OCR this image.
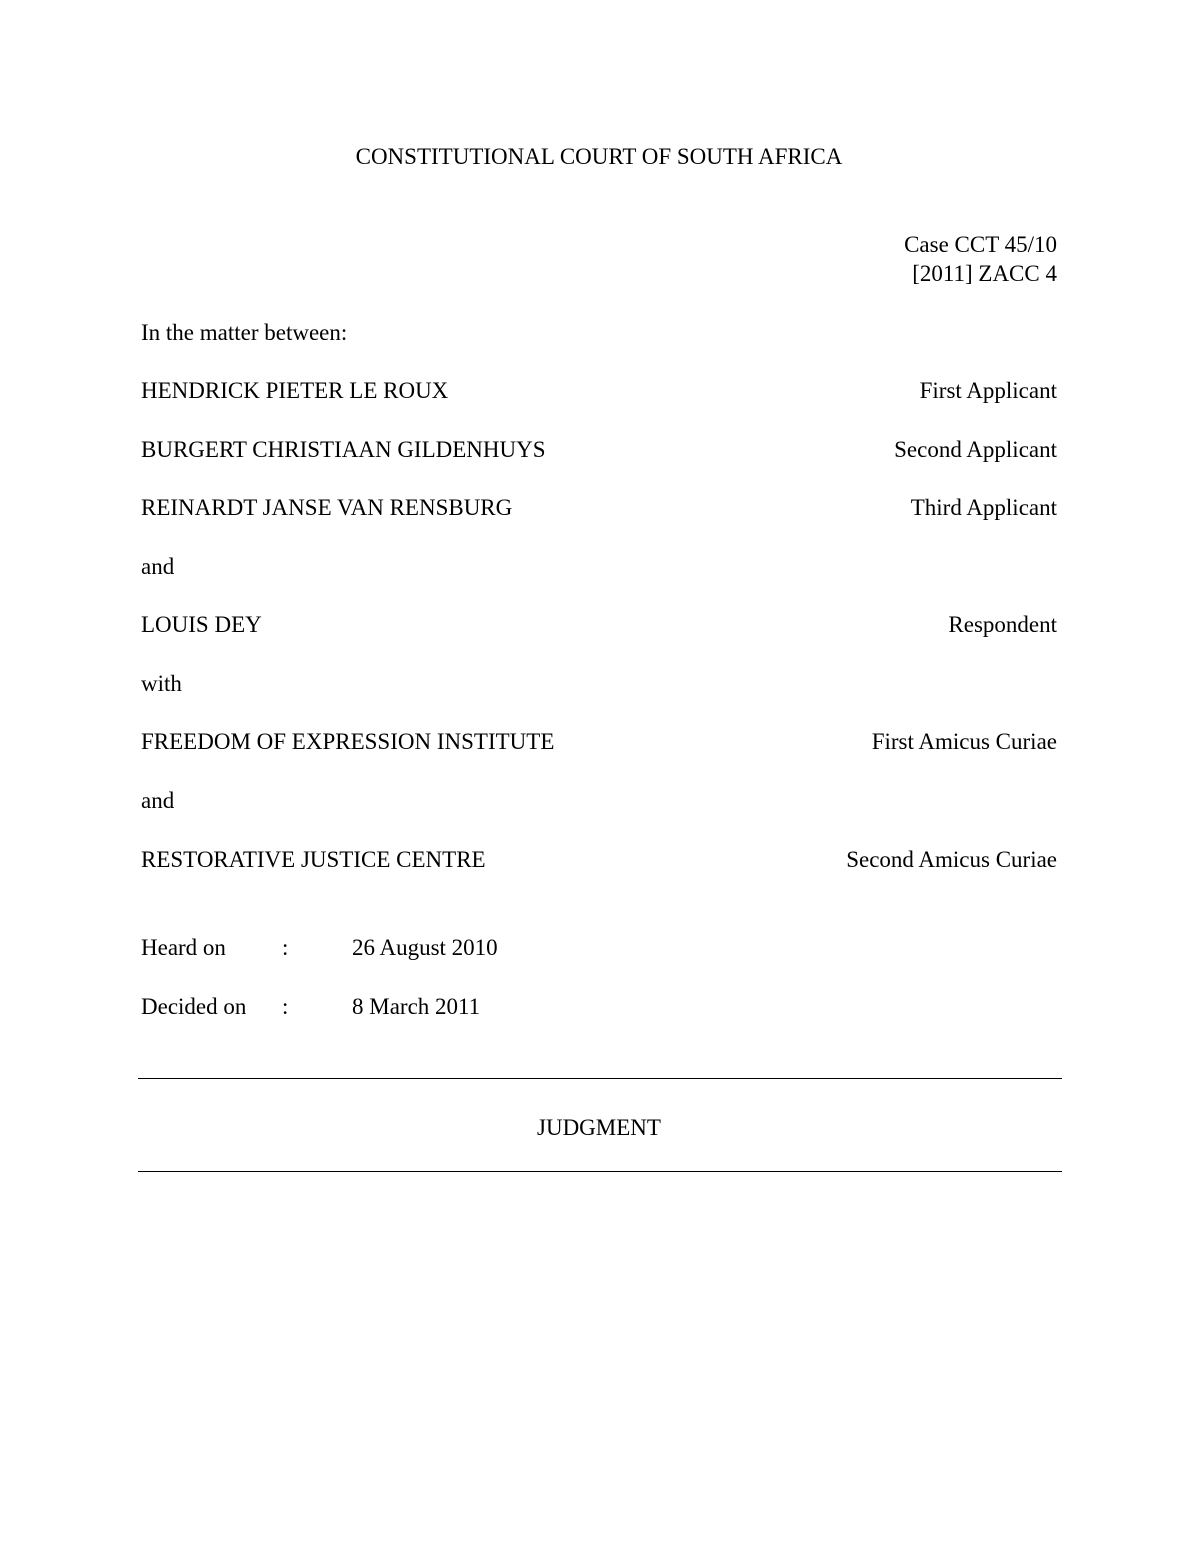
CONSTITUTIONAL COURT OF SOUTH AFRICA
Case CCT 45/10
[2011] ZACC 4
In the matter between:
HENDRICK PIETER LE ROUX	First Applicant
BURGERT CHRISTIAAN GILDENHUYS	Second Applicant
REINARDT JANSE VAN RENSBURG	Third Applicant
and
LOUIS DEY	Respondent
with
FREEDOM OF EXPRESSION INSTITUTE	First Amicus Curiae
and
RESTORATIVE JUSTICE CENTRE	Second Amicus Curiae
Heard on :	26 August 2010
Decided on :	8 March 2011
JUDGMENT
